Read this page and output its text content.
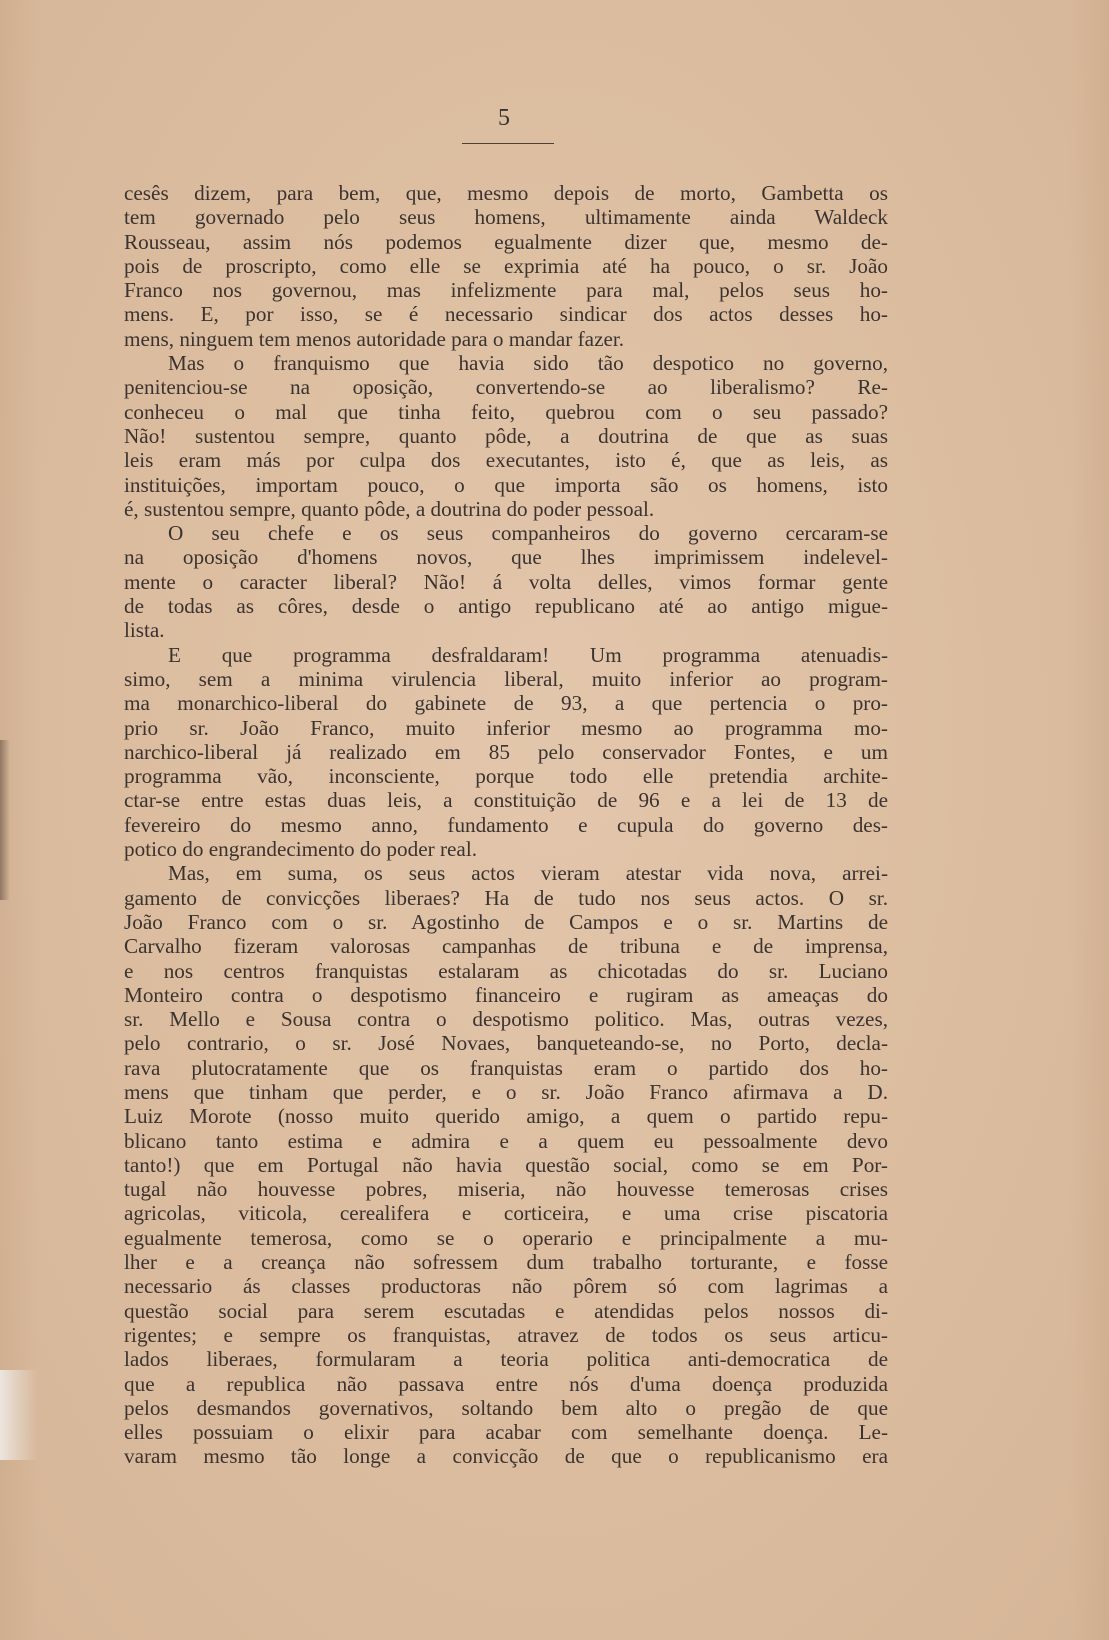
5
cesês dizem, para bem, que, mesmo depois de morto, Gambetta os
tem governado pelo seus homens, ultimamente ainda Waldeck
Rousseau, assim nós podemos egualmente dizer que, mesmo de-
pois de proscripto, como elle se exprimia até ha pouco, o sr. João
Franco nos governou, mas infelizmente para mal, pelos seus ho-
mens. E, por isso, se é necessario sindicar dos actos desses ho-
mens, ninguem tem menos autoridade para o mandar fazer.
Mas o franquismo que havia sido tão despotico no governo,
penitenciou-se na oposição, convertendo-se ao liberalismo? Re-
conheceu o mal que tinha feito, quebrou com o seu passado?
Não! sustentou sempre, quanto pôde, a doutrina de que as suas
leis eram más por culpa dos executantes, isto é, que as leis, as
instituições, importam pouco, o que importa são os homens, isto
é, sustentou sempre, quanto pôde, a doutrina do poder pessoal.
O seu chefe e os seus companheiros do governo cercaram-se
na oposição d'homens novos, que lhes imprimissem indelevel-
mente o caracter liberal? Não! á volta delles, vimos formar gente
de todas as côres, desde o antigo republicano até ao antigo migue-
lista.
E que programma desfraldaram! Um programma atenuadis-
simo, sem a minima virulencia liberal, muito inferior ao program-
ma monarchico-liberal do gabinete de 93, a que pertencia o pro-
prio sr. João Franco, muito inferior mesmo ao programma mo-
narchico-liberal já realizado em 85 pelo conservador Fontes, e um
programma vão, inconsciente, porque todo elle pretendia archite-
ctar-se entre estas duas leis, a constituição de 96 e a lei de 13 de
fevereiro do mesmo anno, fundamento e cupula do governo des-
potico do engrandecimento do poder real.
Mas, em suma, os seus actos vieram atestar vida nova, arrei-
gamento de convicções liberaes? Ha de tudo nos seus actos. O sr.
João Franco com o sr. Agostinho de Campos e o sr. Martins de
Carvalho fizeram valorosas campanhas de tribuna e de imprensa,
e nos centros franquistas estalaram as chicotadas do sr. Luciano
Monteiro contra o despotismo financeiro e rugiram as ameaças do
sr. Mello e Sousa contra o despotismo politico. Mas, outras vezes,
pelo contrario, o sr. José Novaes, banqueteando-se, no Porto, decla-
rava plutocratamente que os franquistas eram o partido dos ho-
mens que tinham que perder, e o sr. João Franco afirmava a D.
Luiz Morote (nosso muito querido amigo, a quem o partido repu-
blicano tanto estima e admira e a quem eu pessoalmente devo
tanto!) que em Portugal não havia questão social, como se em Por-
tugal não houvesse pobres, miseria, não houvesse temerosas crises
agricolas, viticola, cerealifera e corticeira, e uma crise piscatoria
egualmente temerosa, como se o operario e principalmente a mu-
lher e a creança não sofressem dum trabalho torturante, e fosse
necessario ás classes productoras não pôrem só com lagrimas a
questão social para serem escutadas e atendidas pelos nossos di-
rigentes; e sempre os franquistas, atravez de todos os seus articu-
lados liberaes, formularam a teoria politica anti-democratica de
que a republica não passava entre nós d'uma doença produzida
pelos desmandos governativos, soltando bem alto o pregão de que
elles possuiam o elixir para acabar com semelhante doença. Le-
varam mesmo tão longe a convicção de que o republicanismo era
